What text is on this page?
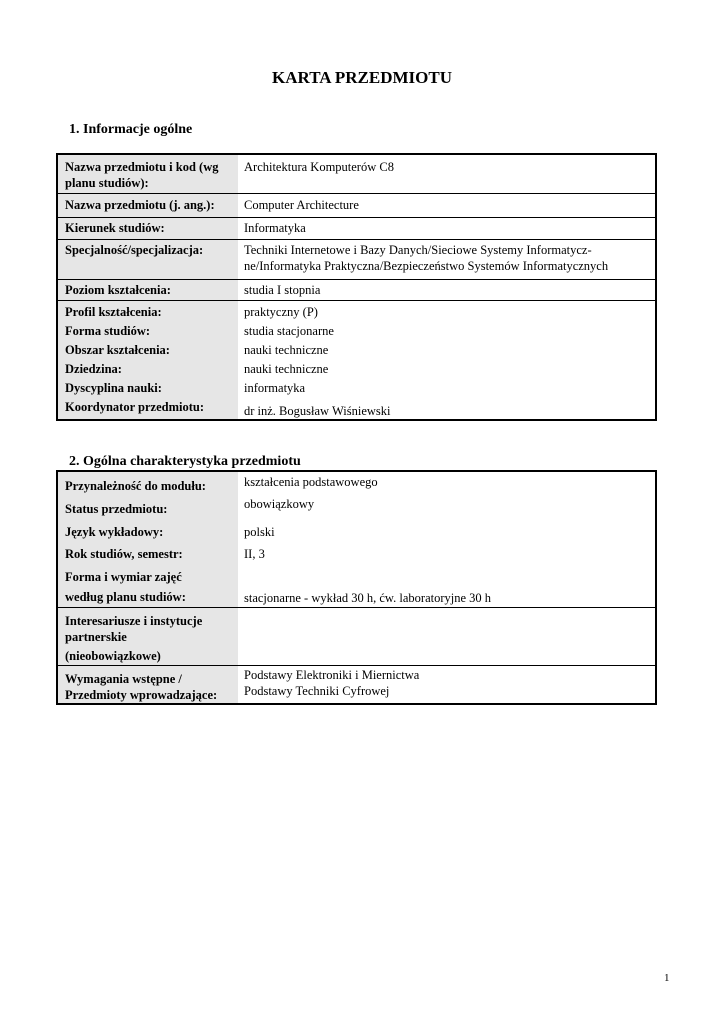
KARTA PRZEDMIOTU
1. Informacje ogólne
Nazwa przedmiotu i kod (wg planu studiów):
Architektura Komputerów C8
Nazwa przedmiotu (j. ang.):	Computer Architecture
Kierunek studiów:	Informatyka
Specjalność/specjalizacja:	Techniki Internetowe i Bazy Danych/Sieciowe Systemy Informatycz-ne/Informatyka Praktyczna/Bezpieczeństwo Systemów Informatycznych
Poziom kształcenia:	studia I stopnia
Profil kształcenia:	praktyczny (P)
Forma studiów:	studia stacjonarne
Obszar kształcenia:	nauki techniczne
Dziedzina:	nauki techniczne
Dyscyplina nauki:	informatyka
Koordynator przedmiotu:	dr inż. Bogusław Wiśniewski
2. Ogólna charakterystyka przedmiotu
Przynależność do modułu:	kształcenia podstawowego
Status przedmiotu:	obowiązkowy
Język wykładowy:	polski
Rok studiów, semestr:	II, 3
Forma i wymiar zajęć
według planu studiów:	stacjonarne - wykład 30 h, ćw. laboratoryjne 30 h
Interesariusze i instytucje partnerskie
(nieobowiązkowe)
Wymagania wstępne / Przedmioty wprowadzające:
Podstawy Elektroniki i Miernictwa
Podstawy Techniki Cyfrowej
1
